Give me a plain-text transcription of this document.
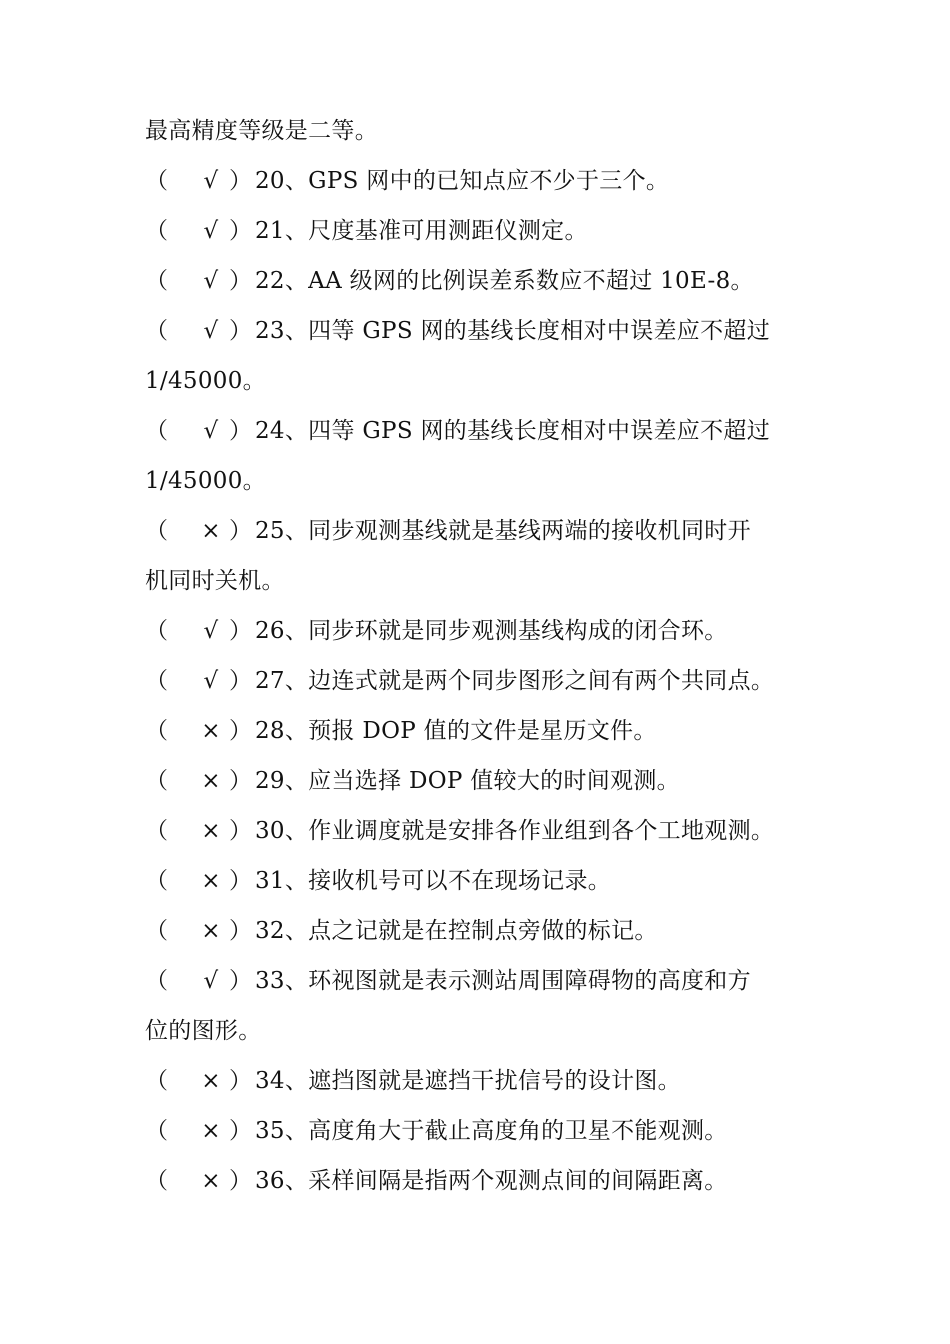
最高精度等级是二等。
（ √ ） 20、GPS 网中的已知点应不少于三个。
（ √ ） 21、尺度基准可用测距仪测定。
（ √ ） 22、AA 级网的比例误差系数应不超过 10E-8。
（ √ ） 23、四等 GPS 网的基线长度相对中误差应不超过
1/45000。
（ √ ） 24、四等 GPS 网的基线长度相对中误差应不超过
1/45000。
（ × ） 25、同步观测基线就是基线两端的接收机同时开
机同时关机。
（ √ ） 26、同步环就是同步观测基线构成的闭合环。
（ √ ） 27、边连式就是两个同步图形之间有两个共同点。
（ × ） 28、预报 DOP 值的文件是星历文件。
（ × ） 29、应当选择 DOP 值较大的时间观测。
（ × ） 30、作业调度就是安排各作业组到各个工地观测。
（ × ） 31、接收机号可以不在现场记录。
（ × ） 32、点之记就是在控制点旁做的标记。
（ √ ） 33、环视图就是表示测站周围障碍物的高度和方
位的图形。
（ × ） 34、遮挡图就是遮挡干扰信号的设计图。
（ × ） 35、高度角大于截止高度角的卫星不能观测。
（ × ） 36、采样间隔是指两个观测点间的间隔距离。
